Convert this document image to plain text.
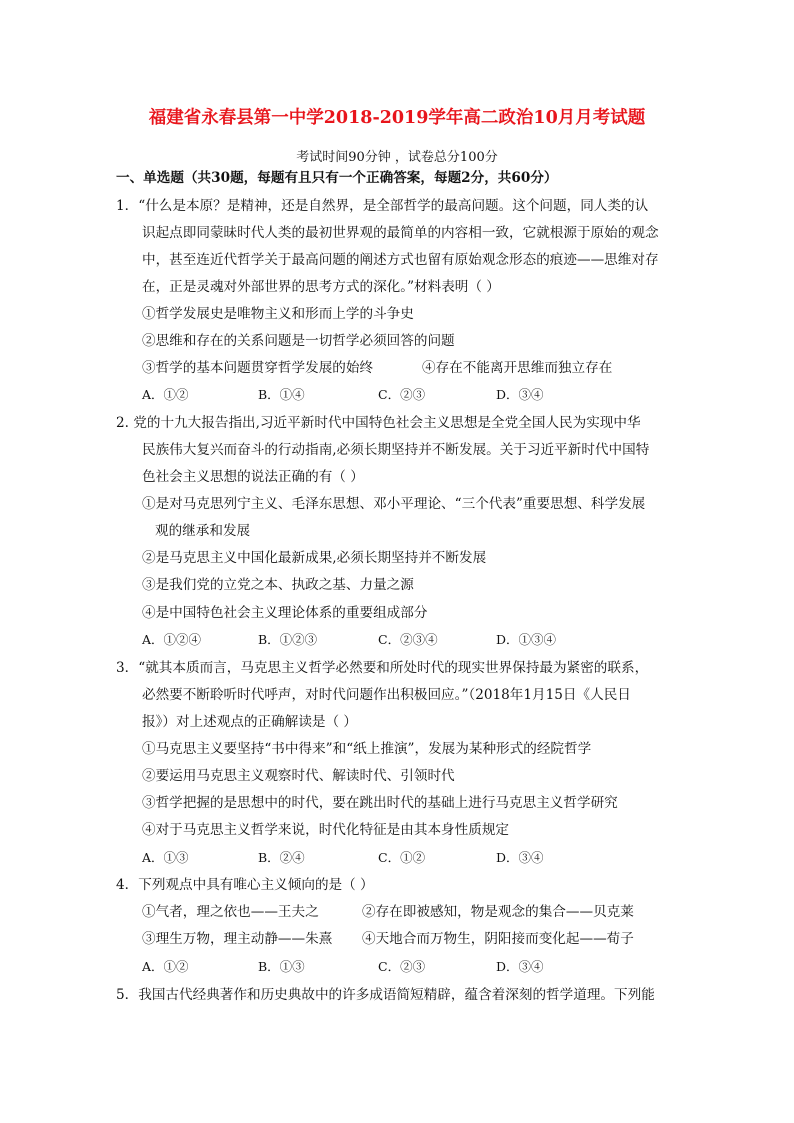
福建省永春县第一中学2018-2019学年高二政治10月月考试题
考试时间90分钟 ，试卷总分100分
一、单选题（共30题，每题有且只有一个正确答案，每题2分，共60分）
1．“什么是本原？是精神，还是自然界，是全部哲学的最高问题。这个问题，同人类的认
识起点即同蒙昧时代人类的最初世界观的最简单的内容相一致，它就根源于原始的观念
中，甚至连近代哲学关于最高问题的阐述方式也留有原始观念形态的痕迹——思维对存
在，正是灵魂对外部世界的思考方式的深化。”材料表明（ ）
①哲学发展史是唯物主义和形而上学的斗争史
②思维和存在的关系问题是一切哲学必须回答的问题
③哲学的基本问题贯穿哲学发展的始终	④存在不能离开思维而独立存在
A．①②	B．①④	C．②③	D．③④
2. 党的十九大报告指出,习近平新时代中国特色社会主义思想是全党全国人民为实现中华
民族伟大复兴而奋斗的行动指南,必须长期坚持并不断发展。关于习近平新时代中国特
色社会主义思想的说法正确的有（ ）
①是对马克思列宁主义、毛泽东思想、邓小平理论、“三个代表”重要思想、科学发展
观的继承和发展
②是马克思主义中国化最新成果,必须长期坚持并不断发展
③是我们党的立党之本、执政之基、力量之源
④是中国特色社会主义理论体系的重要组成部分
A．①②④	B．①②③	C．②③④	D．①③④
3．“就其本质而言，马克思主义哲学必然要和所处时代的现实世界保持最为紧密的联系，
必然要不断聆听时代呼声，对时代问题作出积极回应。”（2018年1月15日《人民日
报》）对上述观点的正确解读是（ ）
①马克思主义要坚持“书中得来”和“纸上推演”，发展为某种形式的经院哲学
②要运用马克思主义观察时代、解读时代、引领时代
③哲学把握的是思想中的时代，要在跳出时代的基础上进行马克思主义哲学研究
④对于马克思主义哲学来说，时代化特征是由其本身性质规定
A．①③	B．②④	C．①②	D．③④
4．下列观点中具有唯心主义倾向的是（ ）
①气者，理之依也——王夫之	②存在即被感知，物是观念的集合——贝克莱
③理生万物，理主动静——朱熹 ④天地合而万物生，阴阳接而变化起——荀子
A．①②	B．①③	C．②③	D．③④
5．我国古代经典著作和历史典故中的许多成语简短精辟，蕴含着深刻的哲学道理。下列能
